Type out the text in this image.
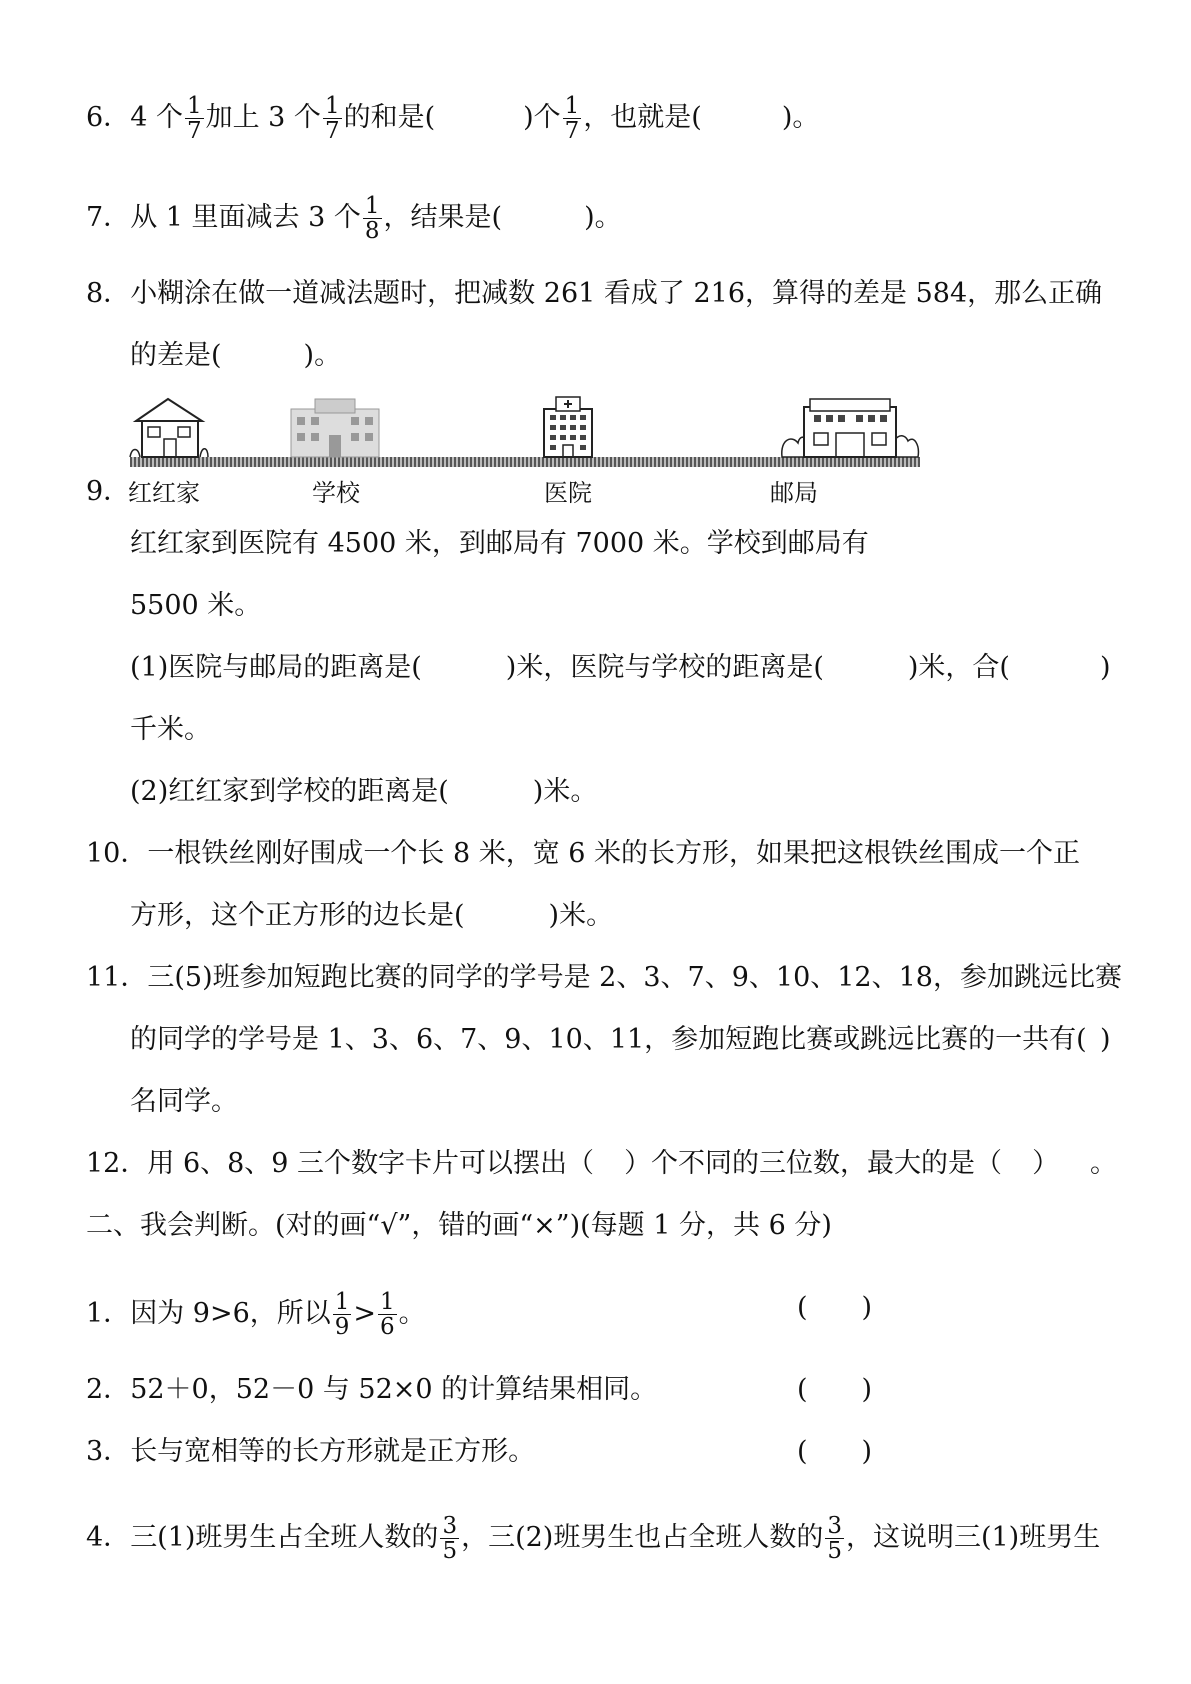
6．4 个 $\frac{1}{7}$ 加上 3 个 $\frac{1}{7}$ 的和是(	)个 $\frac{1}{7}$ ，也就是(	)。
7．从 1 里面减去 3 个 $\frac{1}{8}$ ，结果是(	)。
8．小糊涂在做一道减法题时，把减数 261 看成了 216，算得的差是 584，那么正确
的差是(	)。
红红家	学校	医院	邮局
9．
红红家到医院有 4500 米，到邮局有 7000 米。学校到邮局有
5500 米。
(1)医院与邮局的距离是(	)米，医院与学校的距离是(	)米，合(	)
千米。
(2)红红家到学校的距离是(	)米。
10．一根铁丝刚好围成一个长 8 米，宽 6 米的长方形，如果把这根铁丝围成一个正
方形，这个正方形的边长是(	)米。
11．三(5)班参加短跑比赛的同学的学号是 2、3、7、9、10、12、18，参加跳远比赛
的同学的学号是 1、3、6、7、9、10、11，参加短跑比赛或跳远比赛的一共有( )
名同学。
12．用 6、8、9 三个数字卡片可以摆出（ ）个不同的三位数，最大的是（ ） 。
二、我会判断。(对的画“√”，错的画“×”)(每题 1 分，共 6 分)
1．因为 9>6，所以 $\frac{1}{9} > \frac{1}{6}$ 。	(　　)
2．52＋0，52－0 与 52×0 的计算结果相同。	(　　)
3．长与宽相等的长方形就是正方形。	(　　)
4．三(1)班男生占全班人数的 $\frac{3}{5}$ ，三(2)班男生也占全班人数的 $\frac{3}{5}$ ，这说明三(1)班男生
